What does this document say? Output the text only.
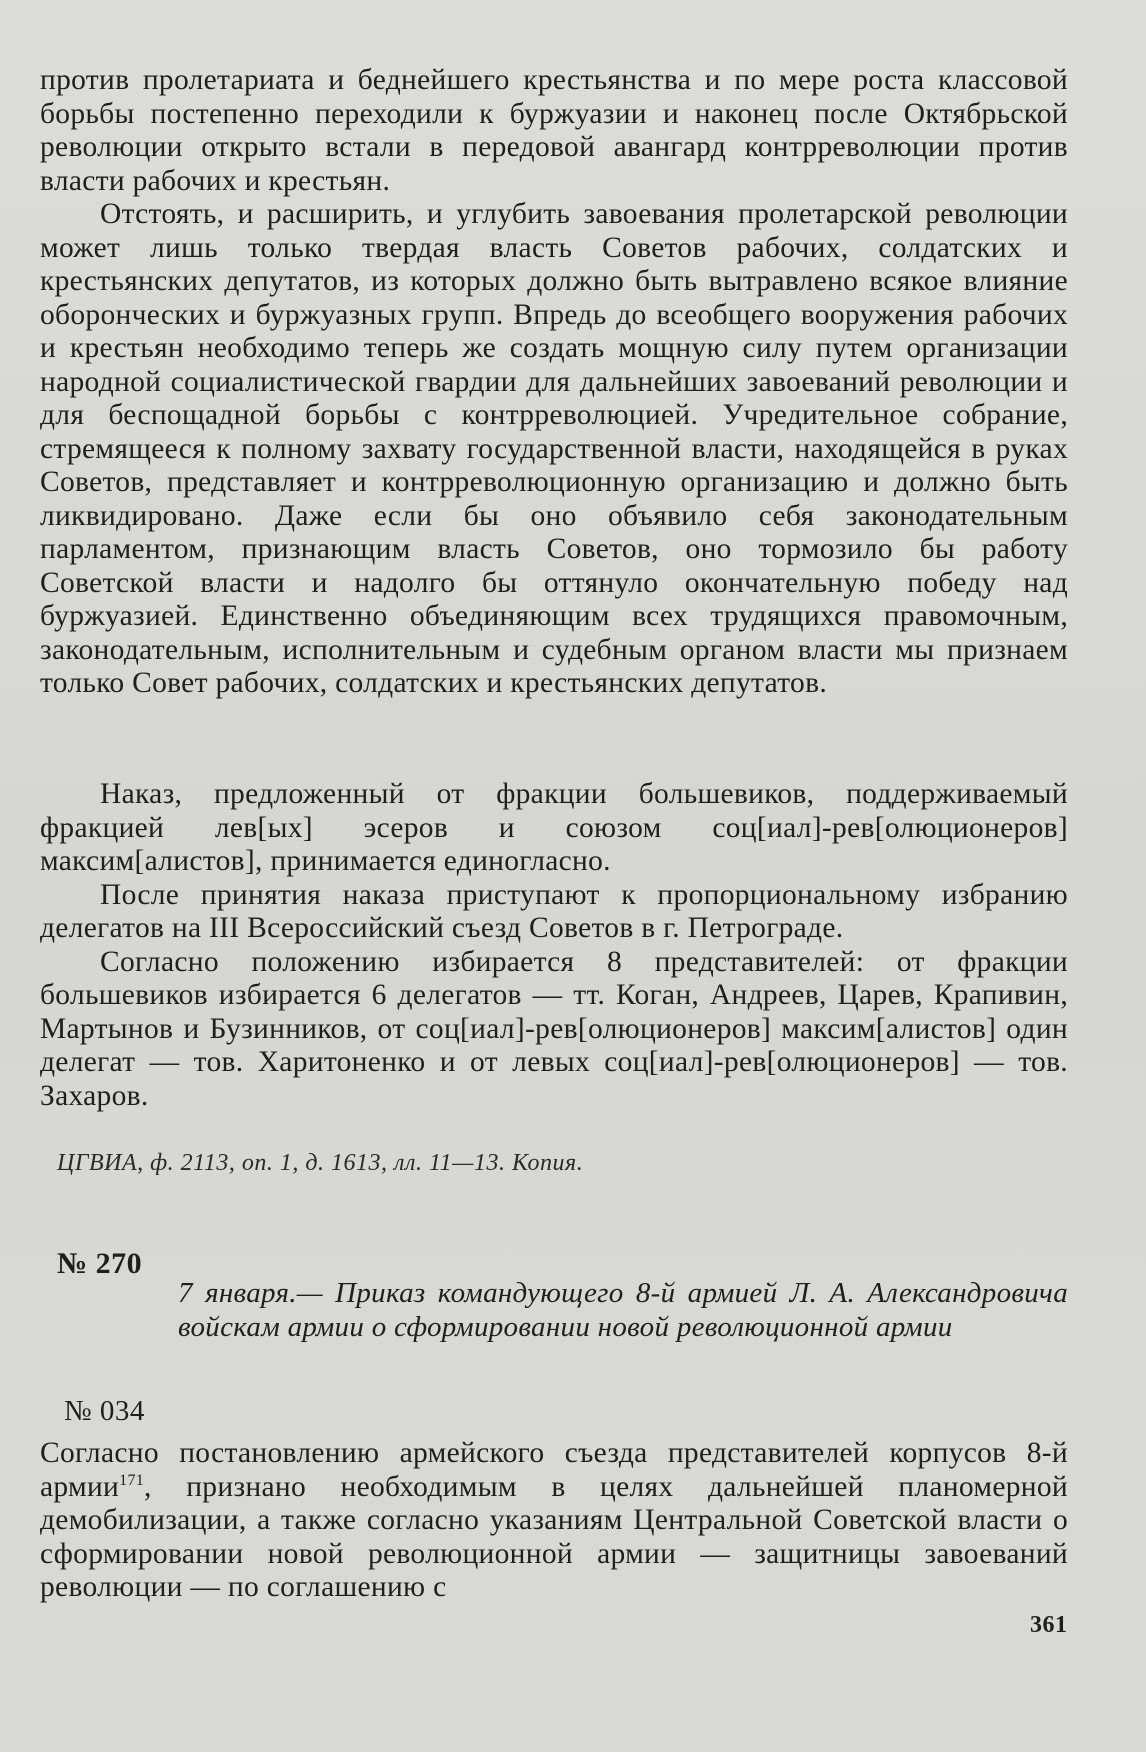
против пролетариата и беднейшего крестьянства и по мере роста классовой борьбы постепенно переходили к буржуазии и наконец после Октябрьской революции открыто встали в передовой авангард контрреволюции против власти рабочих и крестьян.

Отстоять, и расширить, и углубить завоевания пролетарской революции может лишь только твердая власть Советов рабочих, солдатских и крестьянских депутатов, из которых должно быть вытравлено всякое влияние оборонческих и буржуазных групп. Впредь до всеобщего вооружения рабочих и крестьян необходимо теперь же создать мощную силу путем организации народной социалистической гвардии для дальнейших завоеваний революции и для беспощадной борьбы с контрреволюцией. Учредительное собрание, стремящееся к полному захвату государственной власти, находящейся в руках Советов, представляет и контрреволюционную организацию и должно быть ликвидировано. Даже если бы оно объявило себя законодательным парламентом, признающим власть Советов, оно тормозило бы работу Советской власти и надолго бы оттянуло окончательную победу над буржуазией. Единственно объединяющим всех трудящихся правомочным, законодательным, исполнительным и судебным органом власти мы признаем только Совет рабочих, солдатских и крестьянских депутатов.

Наказ, предложенный от фракции большевиков, поддерживаемый фракцией лев[ых] эсеров и союзом соц[иал]-рев[олюционеров] максим[алистов], принимается единогласно.

После принятия наказа приступают к пропорциональному избранию делегатов на III Всероссийский съезд Советов в г. Петрограде.

Согласно положению избирается 8 представителей: от фракции большевиков избирается 6 делегатов — тт. Коган, Андреев, Царев, Крапивин, Мартынов и Бузинников, от соц[иал]-рев[олюционеров] максим[алистов] один делегат — тов. Харитоненко и от левых соц[иал]-рев[олюционеров] — тов. Захаров.

ЦГВИА, ф. 2113, оп. 1, д. 1613, лл. 11—13. Копия.
№ 270
7 января.— Приказ командующего 8-й армией Л. А. Александровича войскам армии о сформировании новой революционной армии
№ 034

Согласно постановлению армейского съезда представителей корпусов 8-й армии$^{171}$, признано необходимым в целях дальнейшей планомерной демобилизации, а также согласно указаниям Центральной Советской власти о сформировании новой революционной армии — защитницы завоеваний революции — по соглашению с

361
